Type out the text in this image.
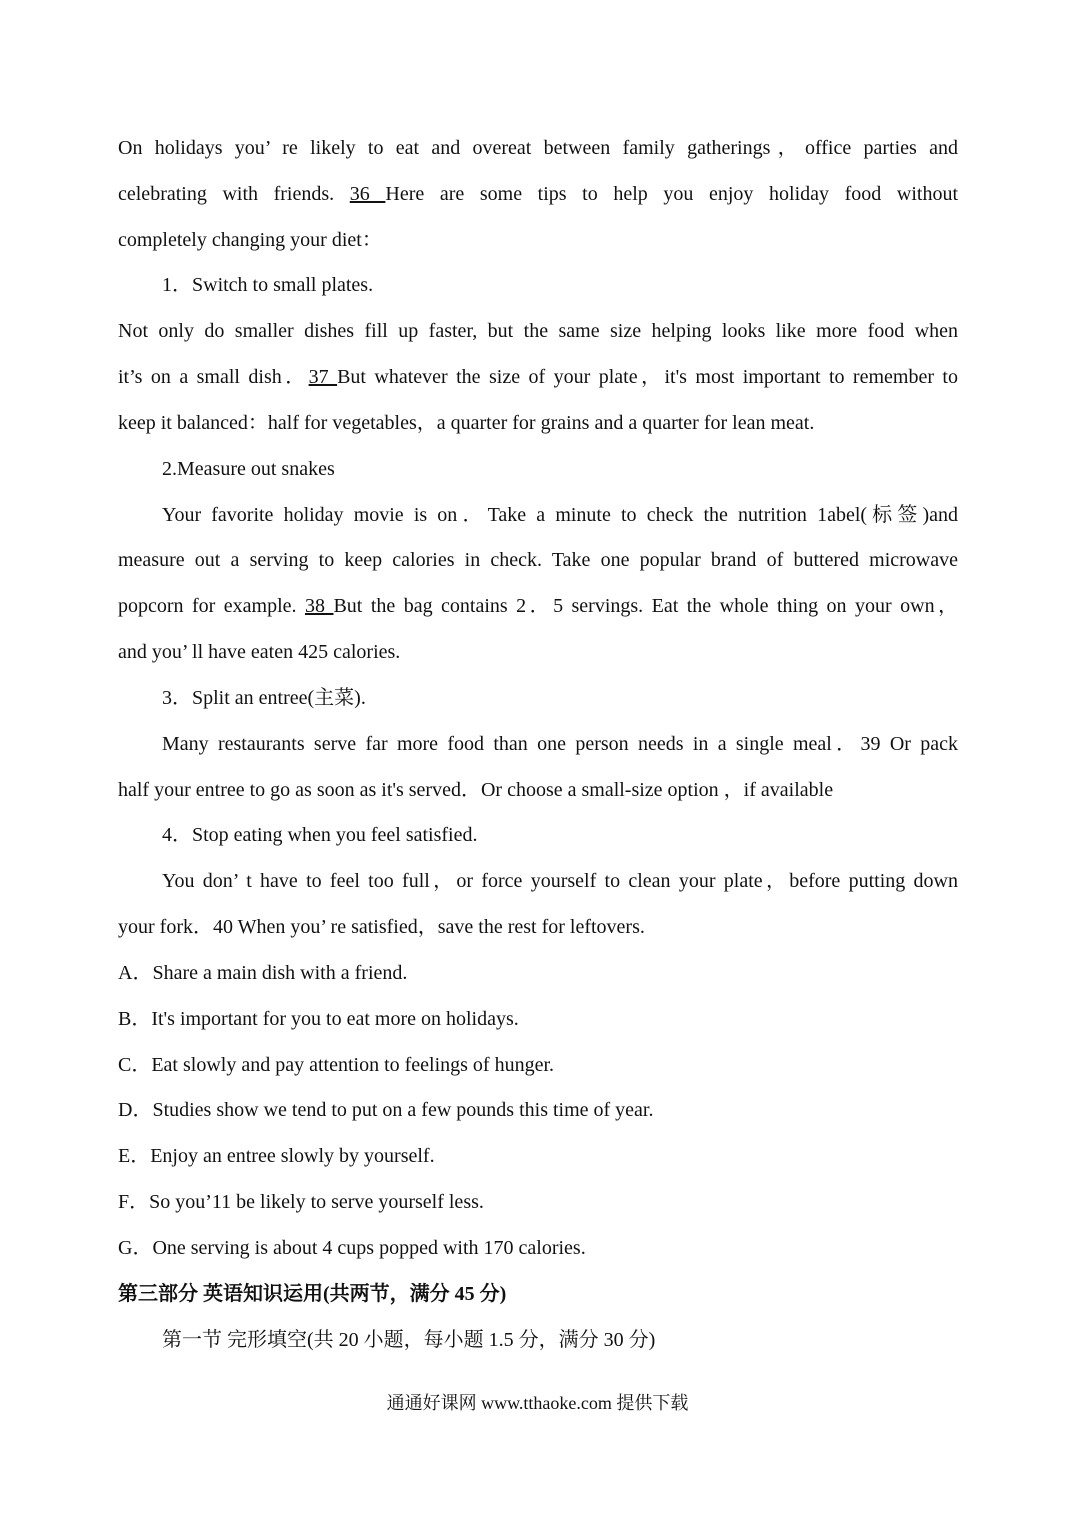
On holidays you’ re likely to eat and overeat between family gatherings，office parties and
celebrating with friends. 36 Here are some tips to help you enjoy holiday food without
completely changing your diet：
1．Switch to small plates.
Not only do smaller dishes fill up faster, but the same size helping looks like more food when
it’s on a small dish．37 But whatever the size of your plate，it's most important to remember to
keep it balanced：half for vegetables，a quarter for grains and a quarter for lean meat.
2.Measure out snakes
Your favorite holiday movie is on．Take a minute to check the nutrition 1abel(标签)and
measure out a serving to keep calories in check. Take one popular brand of buttered microwave
popcorn for example. 38 But the bag contains 2．5 servings. Eat the whole thing on your own，
and you’ ll have eaten 425 calories.
3．Split an entree(主菜).
Many restaurants serve far more food than one person needs in a single meal．39 Or pack
half your entree to go as soon as it's served．Or choose a small-size option ，if available
4．Stop eating when you feel satisfied.
You don’ t have to feel too full，or force yourself to clean your plate，before putting down
your fork．40 When you’ re satisfied，save the rest for leftovers.
A．Share a main dish with a friend.
B．It's important for you to eat more on holidays.
C．Eat slowly and pay attention to feelings of hunger.
D．Studies show we tend to put on a few pounds this time of year.
E．Enjoy an entree slowly by yourself.
F．So you’11 be likely to serve yourself less.
G．One serving is about 4 cups popped with 170 calories.
第三部分 英语知识运用(共两节，满分 45 分)
第一节 完形填空(共 20 小题，每小题 1.5 分，满分 30 分)
通通好课网 www.tthaoke.com 提供下载
